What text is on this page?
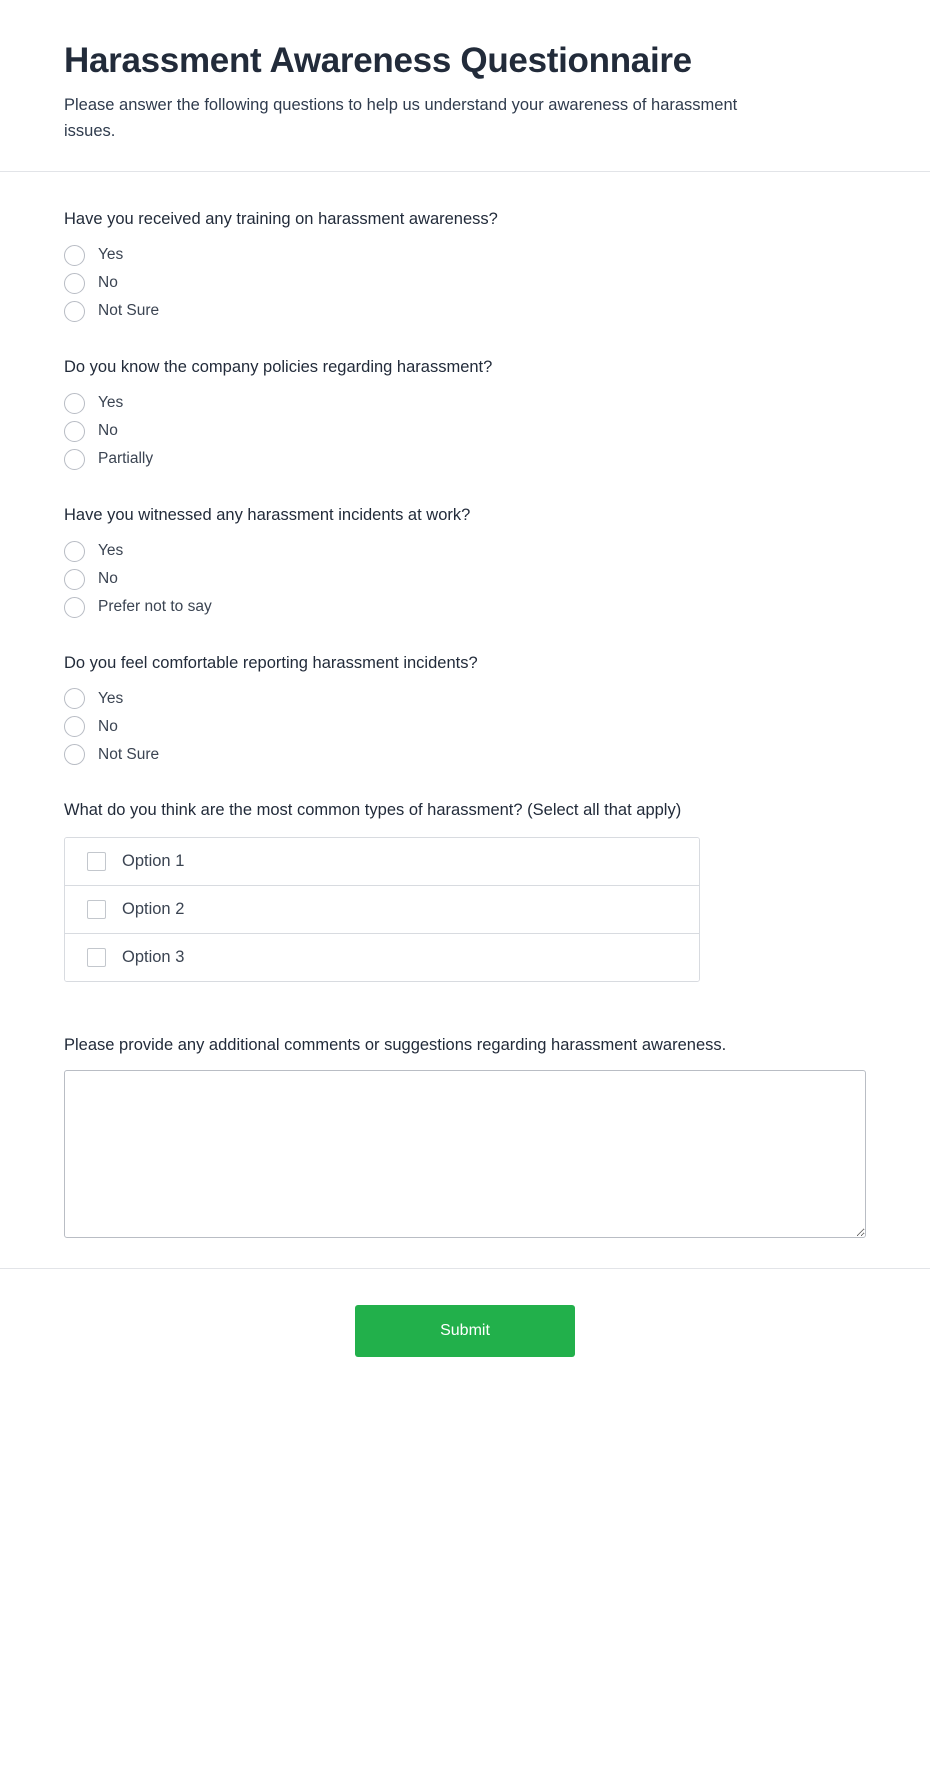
Harassment Awareness Questionnaire

Please answer the following questions to help us understand your awareness of harassment issues.

Have you received any training on harassment awareness?
Yes
No
Not Sure
Do you know the company policies regarding harassment?
Yes
No
Partially
Have you witnessed any harassment incidents at work?
Yes
No
Prefer not to say
Do you feel comfortable reporting harassment incidents?
Yes
No
Not Sure
What do you think are the most common types of harassment? (Select all that apply)
Option 1
Option 2
Option 3
Please provide any additional comments or suggestions regarding harassment awareness.
Submit
